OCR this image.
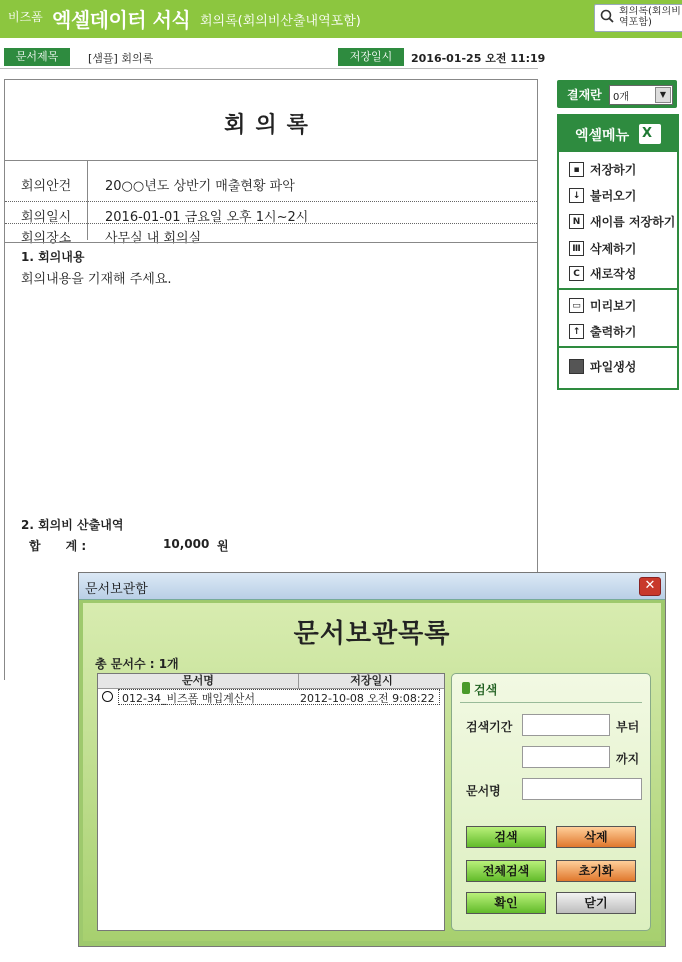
비즈폼 엑셀데이터 서식 회의록(회의비산출내역포함)
회의록(회의비
역포함)
문서제목	[샘플] 회의록	저장일시	2016-01-25 오전 11:19
회의록
회의안건	20○○년도 상반기 매출현황 파악
회의일시	2016-01-01 금요일 오후 1시~2시
회의장소	사무실 내 회의실
1. 회의내용
회의내용을 기재해 주세요.
2. 회의비 산출내역
합      계 :	10,000 원
결재란 0개	▼
엑셀메뉴 X
▪ 저장하기
↓ 불러오기
N 새이름 저장하기
Ⅲ 삭제하기
C 새로작성
▭ 미리보기
↑ 출력하기
파일생성
문서보관함	✕
문서보관목록
총 문서수 : 1개
문서명	저장일시
012-34_비즈폼 매입계산서	2012-10-08 오전 9:08:22
검색
검색기간	부터
까지
문서명
검색	삭제
전체검색	초기화
확인	닫기
